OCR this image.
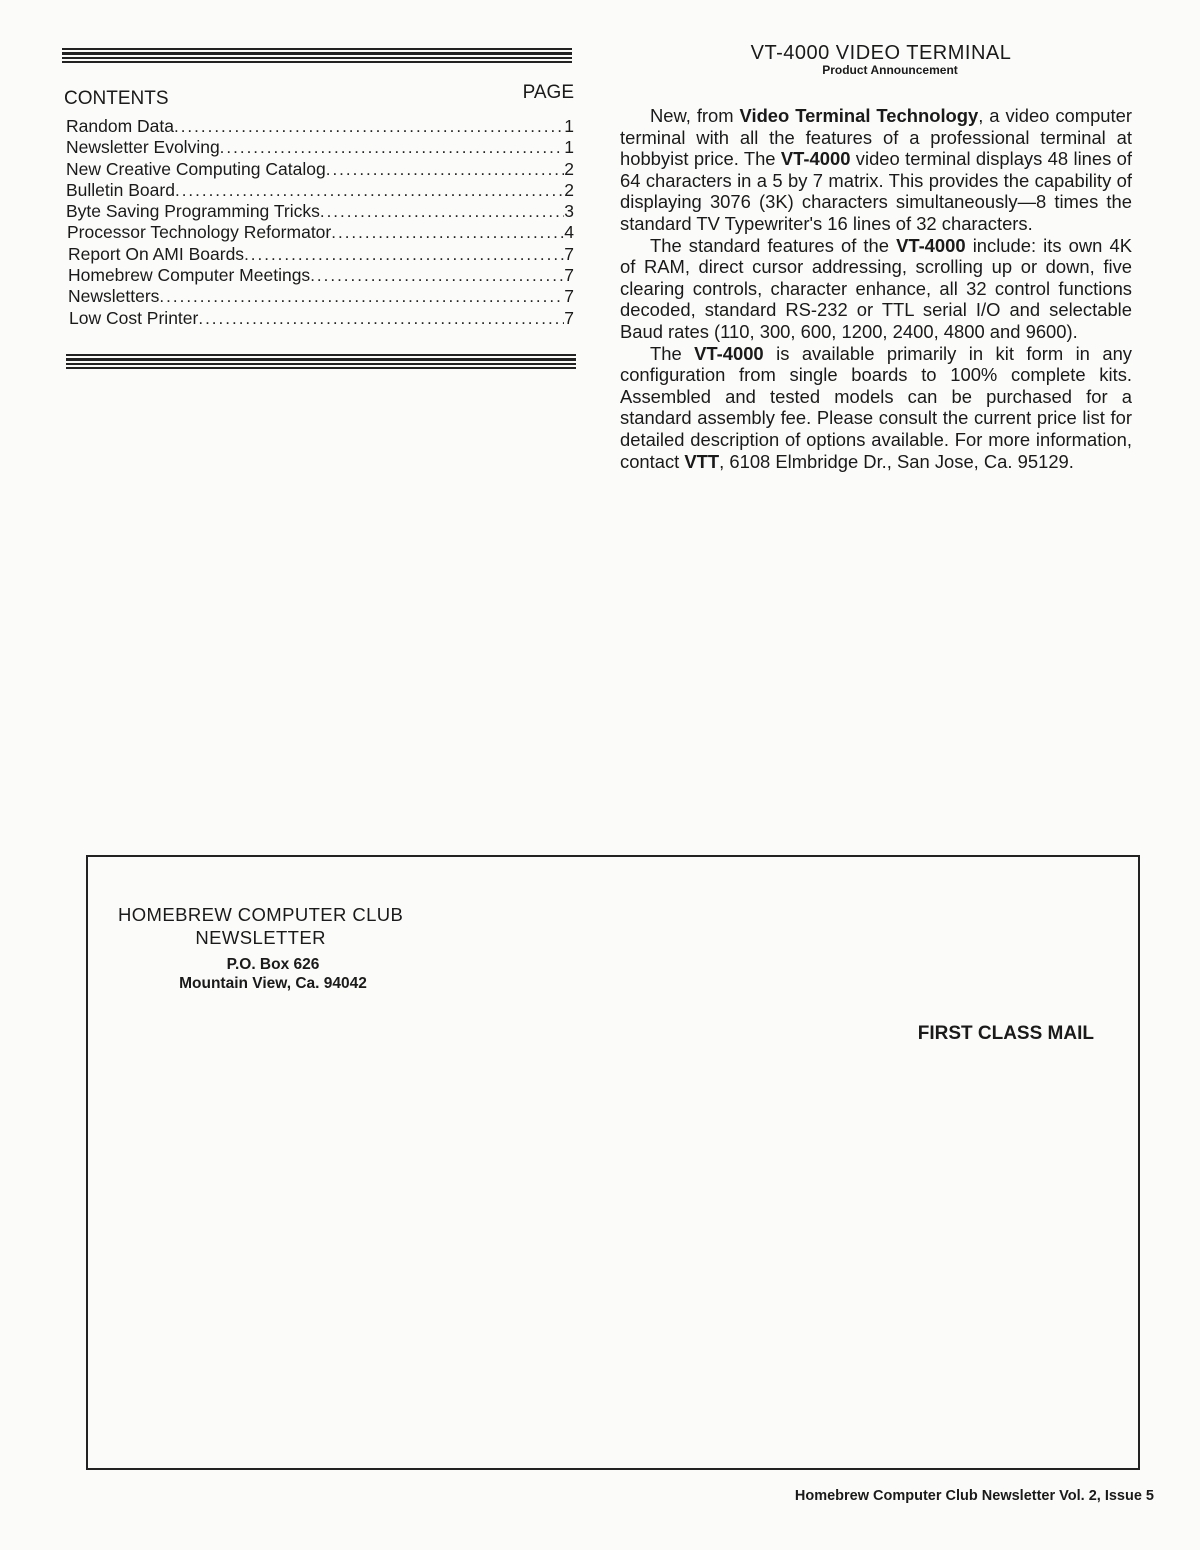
CONTENTS	PAGE
Random Data .....	1
Newsletter Evolving .....	1
New Creative Computing Catalog .....	2
Bulletin Board .....	2
Byte Saving Programming Tricks .....	3
Processor Technology Reformator .....	4
Report On AMI Boards .....	7
Homebrew Computer Meetings .....	7
Newsletters .....	7
Low Cost Printer .....	7
VT-4000 VIDEO TERMINAL
Product Announcement

New, from Video Terminal Technology, a video computer terminal with all the features of a professional terminal at hobbyist price. The VT-4000 video terminal displays 48 lines of 64 characters in a 5 by 7 matrix. This provides the capability of displaying 3076 (3K) characters simultaneously—8 times the standard TV Typewriter's 16 lines of 32 characters.

The standard features of the VT-4000 include: its own 4K of RAM, direct cursor addressing, scrolling up or down, five clearing controls, character enhance, all 32 control functions decoded, standard RS-232 or TTL serial I/O and selectable Baud rates (110, 300, 600, 1200, 2400, 4800 and 9600).

The VT-4000 is available primarily in kit form in any configuration from single boards to 100% complete kits. Assembled and tested models can be purchased for a standard assembly fee. Please consult the current price list for detailed description of options available. For more information, contact VTT, 6108 Elmbridge Dr., San Jose, Ca. 95129.

HOMEBREW COMPUTER CLUB
NEWSLETTER
P.O. Box 626
Mountain View, Ca. 94042
FIRST CLASS MAIL
Homebrew Computer Club Newsletter Vol. 2, Issue 5
